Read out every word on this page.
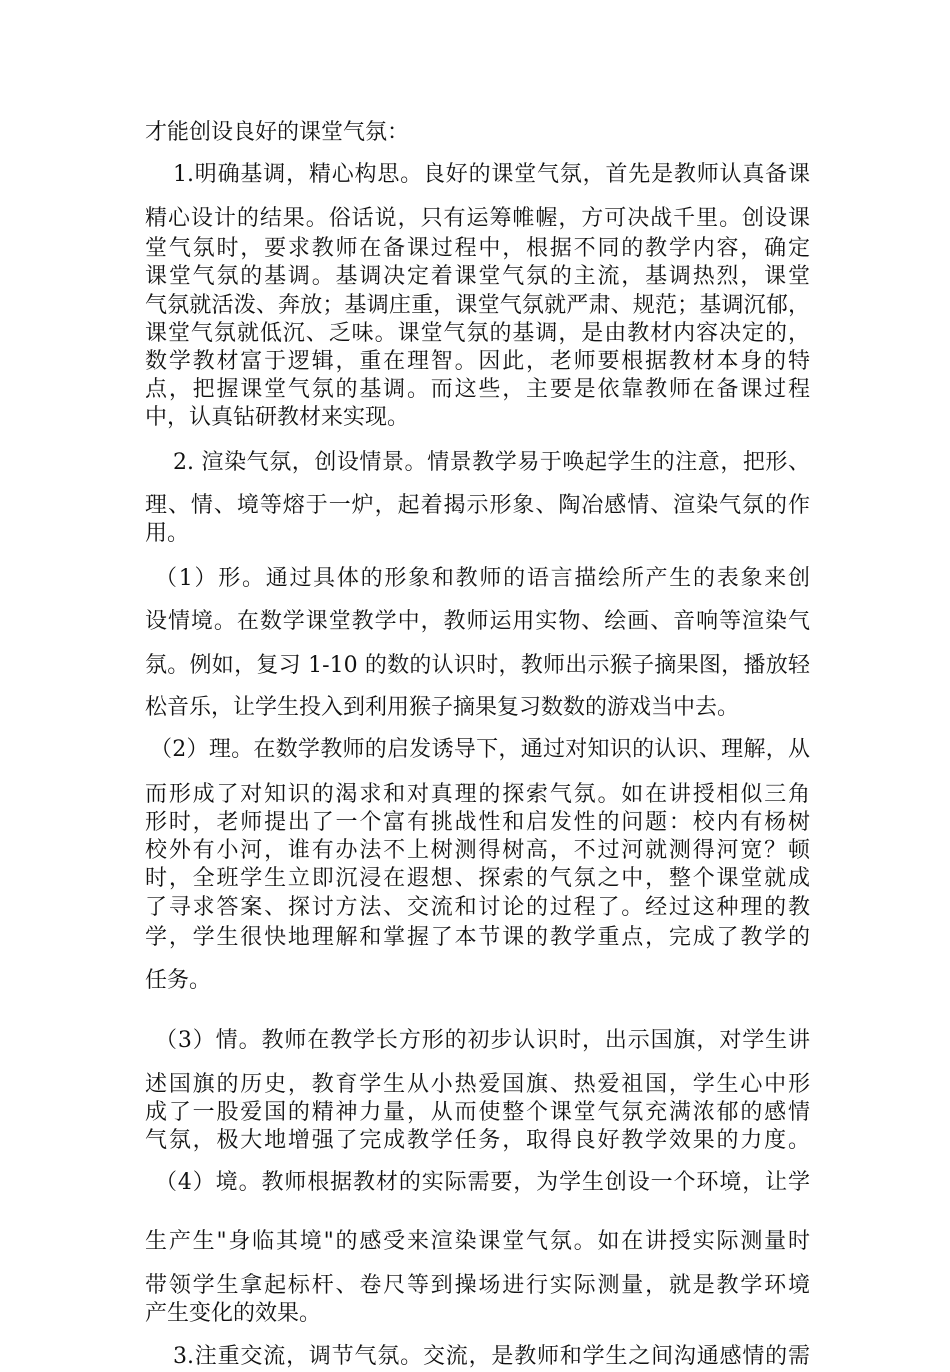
才能创设良好的课堂气氛：
1.明确基调，精心构思。良好的课堂气氛，首先是教师认真备课
精心设计的结果。俗话说，只有运筹帷幄，方可决战千里。创设课
堂气氛时，要求教师在备课过程中，根据不同的教学内容，确定
课堂气氛的基调。基调决定着课堂气氛的主流，基调热烈，课堂
气氛就活泼、奔放；基调庄重，课堂气氛就严肃、规范；基调沉郁，
课堂气氛就低沉、乏味。课堂气氛的基调，是由教材内容决定的，
数学教材富于逻辑，重在理智。因此，老师要根据教材本身的特
点，把握课堂气氛的基调。而这些，主要是依靠教师在备课过程
中，认真钻研教材来实现。
2. 渲染气氛，创设情景。情景教学易于唤起学生的注意，把形、
理、情、境等熔于一炉，起着揭示形象、陶冶感情、渲染气氛的作
用。
（1）形。通过具体的形象和教师的语言描绘所产生的表象来创
设情境。在数学课堂教学中，教师运用实物、绘画、音响等渲染气
氛。例如，复习 1-10 的数的认识时，教师出示猴子摘果图，播放轻
松音乐，让学生投入到利用猴子摘果复习数数的游戏当中去。
（2）理。在数学教师的启发诱导下，通过对知识的认识、理解，从
而形成了对知识的渴求和对真理的探索气氛。如在讲授相似三角
形时，老师提出了一个富有挑战性和启发性的问题：校内有杨树
校外有小河，谁有办法不上树测得树高，不过河就测得河宽？顿
时，全班学生立即沉浸在遐想、探索的气氛之中，整个课堂就成
了寻求答案、探讨方法、交流和讨论的过程了。经过这种理的教
学，学生很快地理解和掌握了本节课的教学重点，完成了教学的
任务。
（3）情。教师在教学长方形的初步认识时，出示国旗，对学生讲
述国旗的历史，教育学生从小热爱国旗、热爱祖国，学生心中形
成了一股爱国的精神力量，从而使整个课堂气氛充满浓郁的感情
气氛，极大地增强了完成教学任务，取得良好教学效果的力度。
（4）境。教师根据教材的实际需要，为学生创设一个环境，让学
生产生"身临其境"的感受来渲染课堂气氛。如在讲授实际测量时
带领学生拿起标杆、卷尺等到操场进行实际测量，就是教学环境
产生变化的效果。
3.注重交流，调节气氛。交流，是教师和学生之间沟通感情的需
